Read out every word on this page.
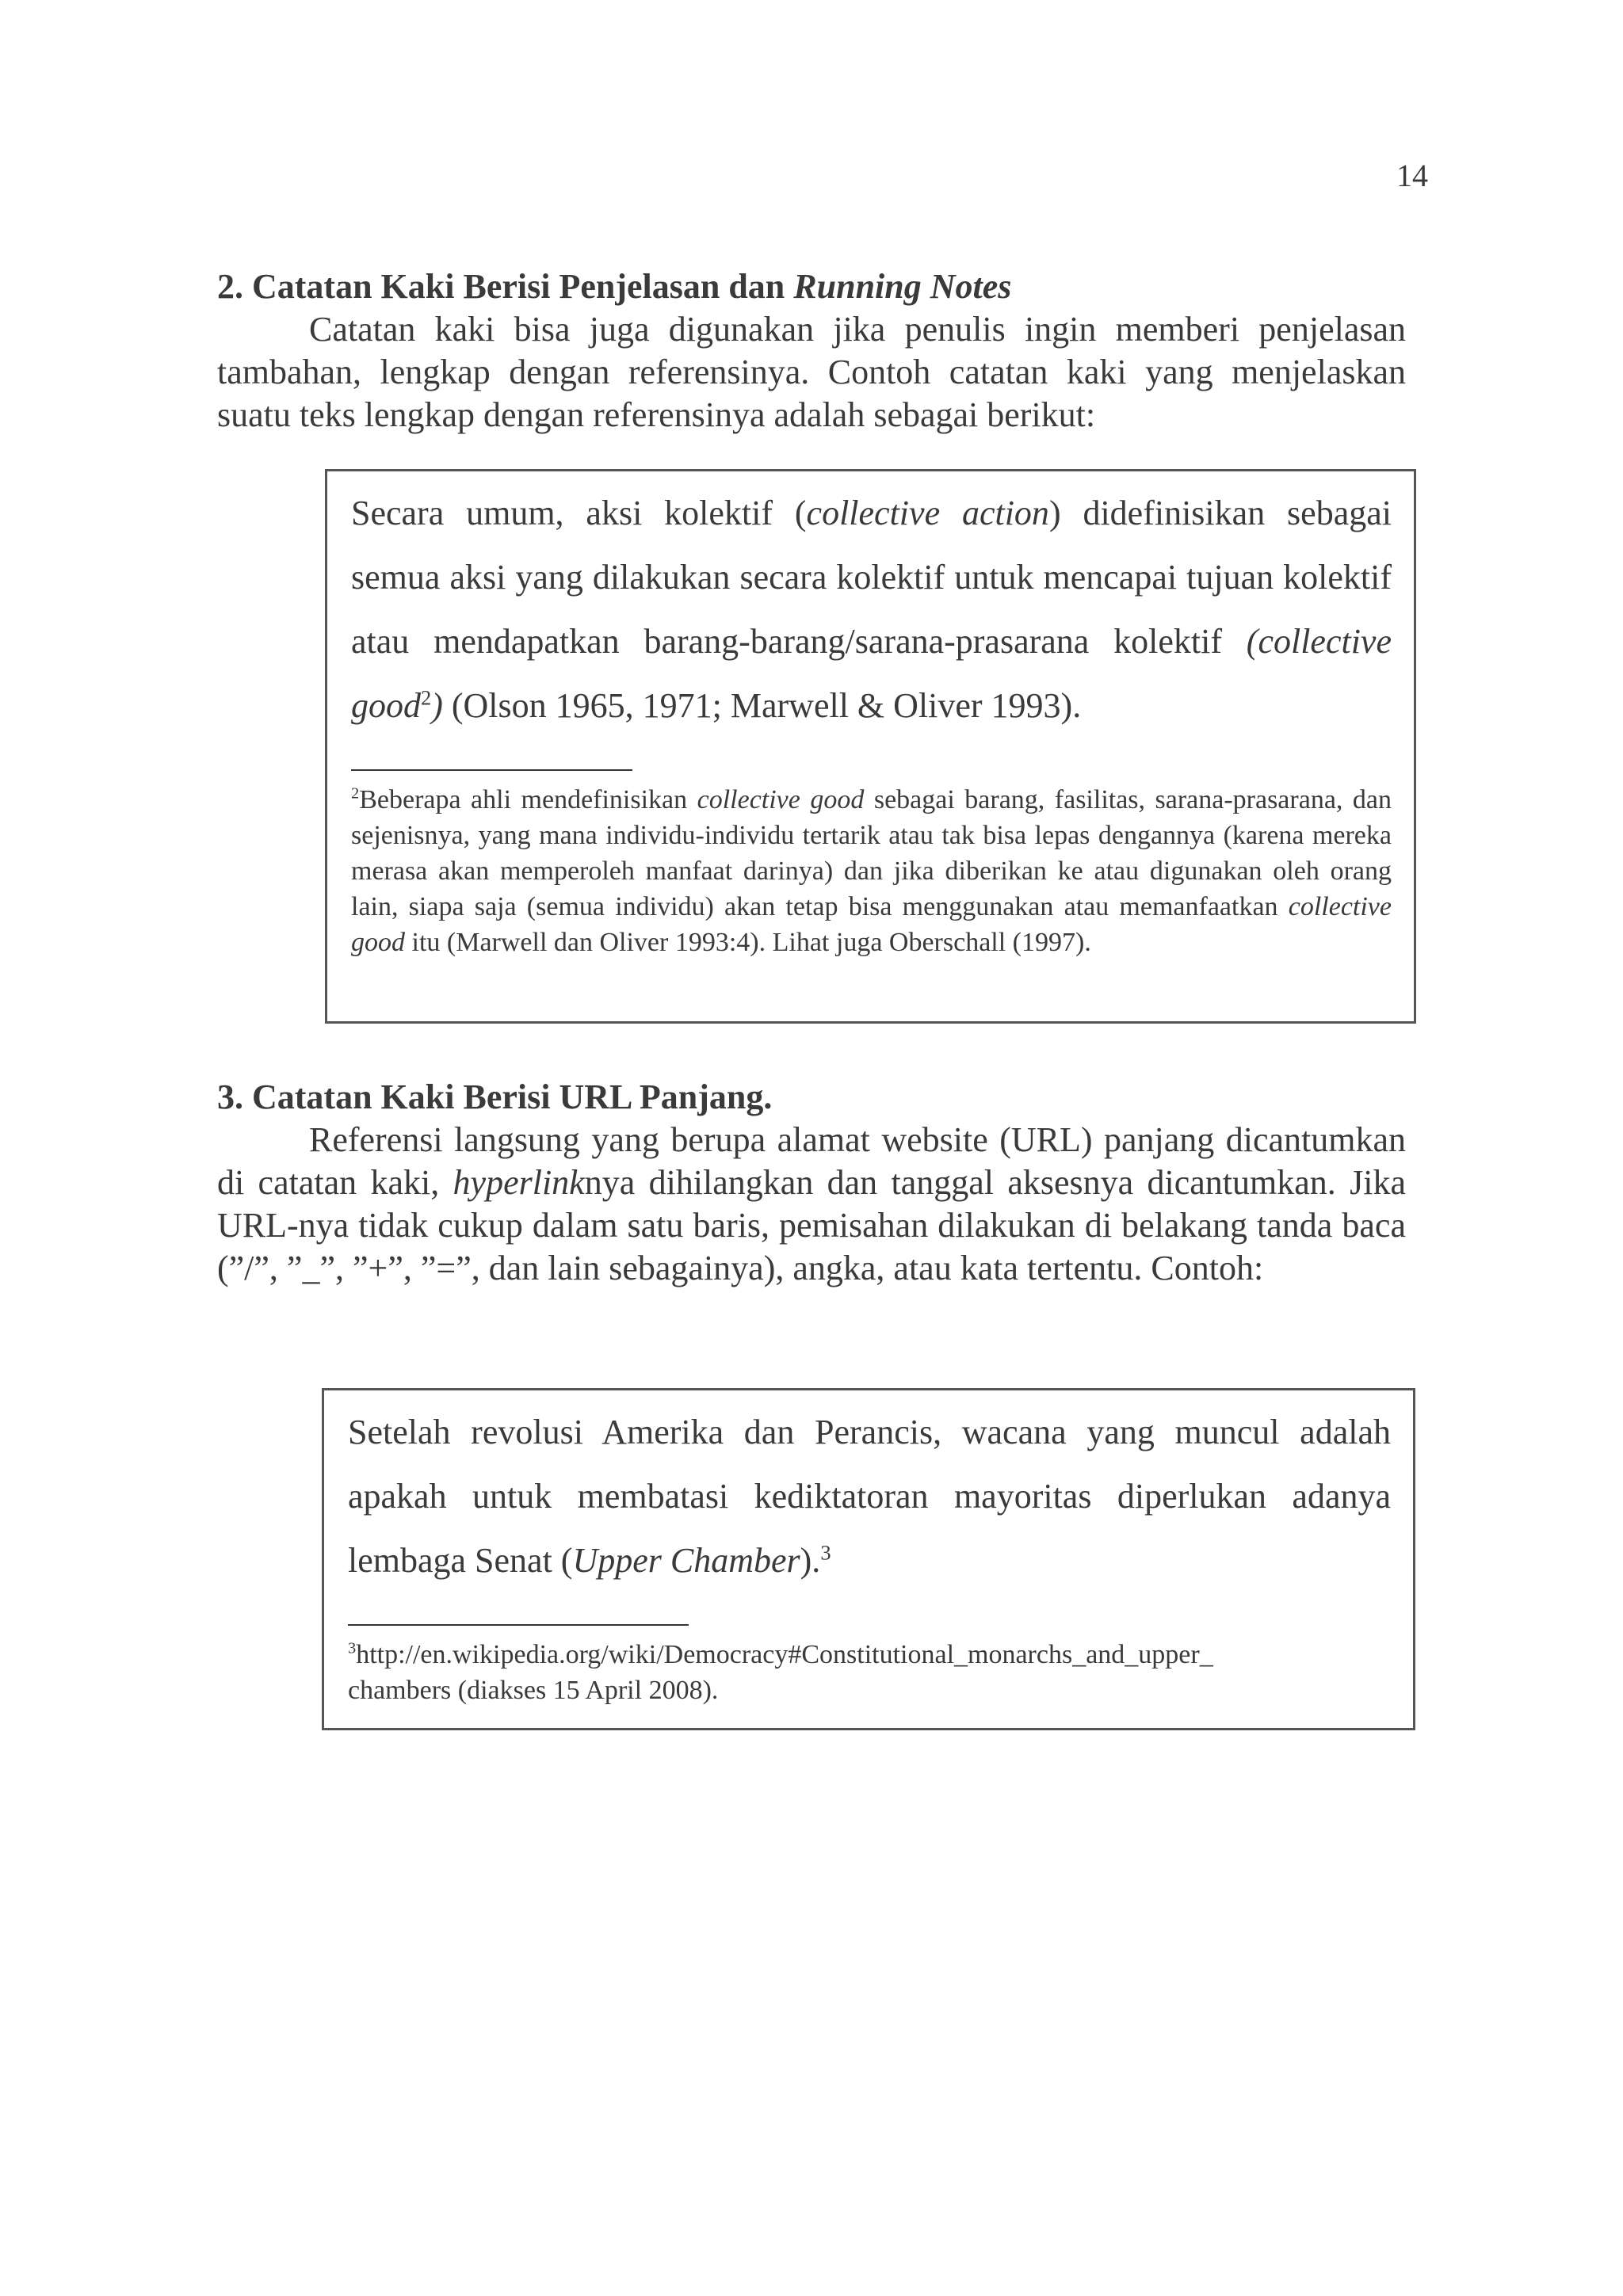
14
2. Catatan Kaki Berisi Penjelasan dan Running Notes

Catatan kaki bisa juga digunakan jika penulis ingin memberi penjelasan tambahan, lengkap dengan referensinya. Contoh catatan kaki yang menjelaskan suatu teks lengkap dengan referensinya adalah sebagai berikut:

Secara umum, aksi kolektif (collective action) didefinisikan sebagai semua aksi yang dilakukan secara kolektif untuk mencapai tujuan kolektif atau mendapatkan barang-barang/sarana-prasarana kolektif (collective good$^2$) (Olson 1965, 1971; Marwell & Oliver 1993).

$^2$Beberapa ahli mendefinisikan collective good sebagai barang, fasilitas, sarana-prasarana, dan sejenisnya, yang mana individu-individu tertarik atau tak bisa lepas dengannya (karena mereka merasa akan memperoleh manfaat darinya) dan jika diberikan ke atau digunakan oleh orang lain, siapa saja (semua individu) akan tetap bisa menggunakan atau memanfaatkan collective good itu (Marwell dan Oliver 1993:4). Lihat juga Oberschall (1997).

3. Catatan Kaki Berisi URL Panjang.

Referensi langsung yang berupa alamat website (URL) panjang dicantumkan di catatan kaki, hyperlinknya dihilangkan dan tanggal aksesnya dicantumkan. Jika URL-nya tidak cukup dalam satu baris, pemisahan dilakukan di belakang tanda baca (”/”, ”_”, ”+”, ”=”, dan lain sebagainya), angka, atau kata tertentu. Contoh:

Setelah revolusi Amerika dan Perancis, wacana yang muncul adalah apakah untuk membatasi kediktatoran mayoritas diperlukan adanya lembaga Senat (Upper Chamber).$^3$

$^3$http://en.wikipedia.org/wiki/Democracy#Constitutional_monarchs_and_upper_
chambers (diakses 15 April 2008).
